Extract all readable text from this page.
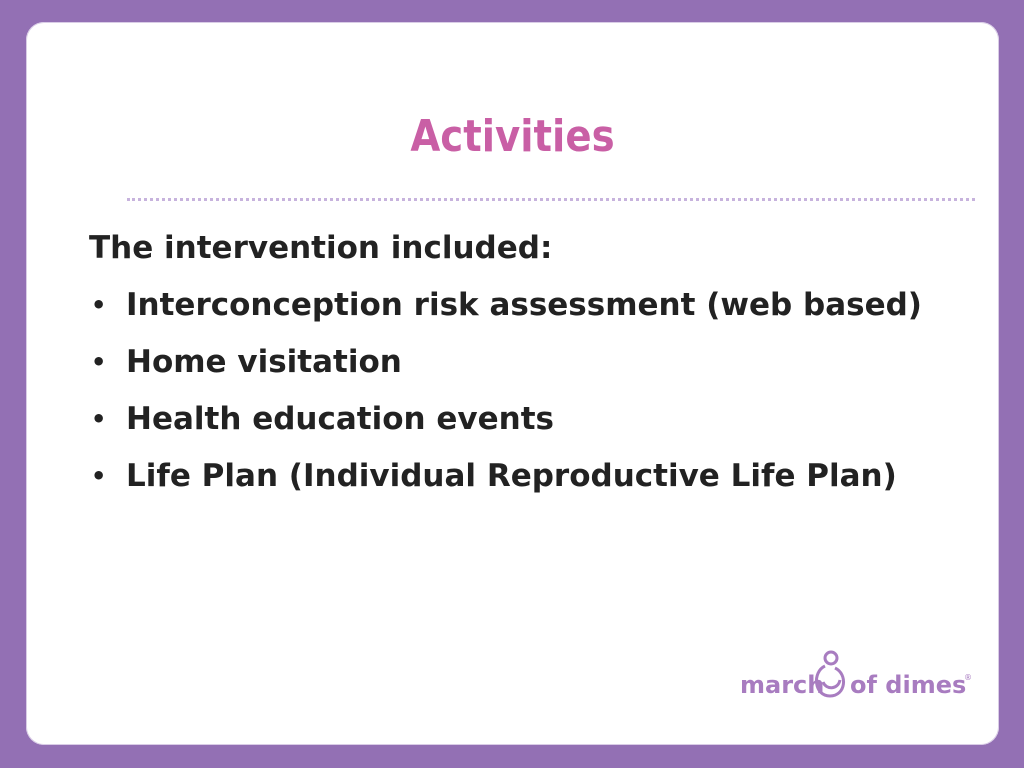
Activities
The intervention included:
• Interconception risk assessment (web based)
• Home visitation
• Health education events
• Life Plan (Individual Reproductive Life Plan)
march of dimes
®
